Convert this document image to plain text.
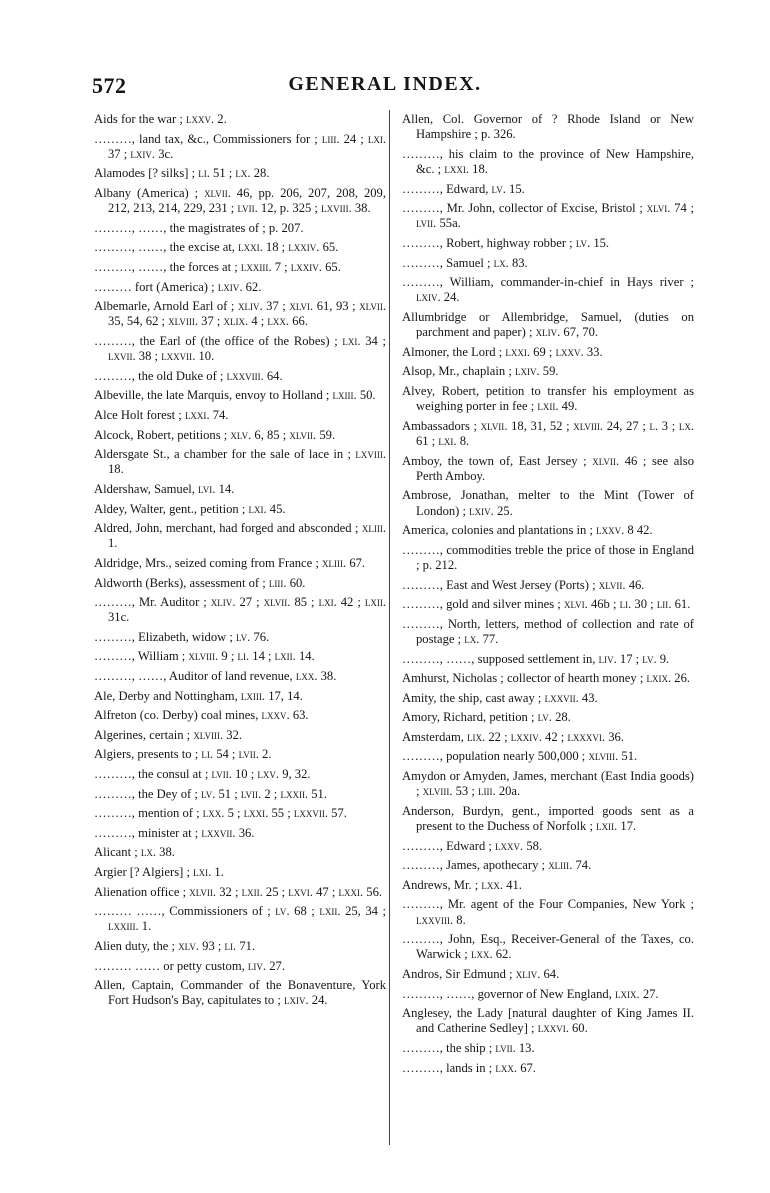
572	GENERAL INDEX.

Aids for the war ; lxxv. 2.

………, land tax, &c., Commissioners for ; liii. 24 ; lxi. 37 ; lxiv. 3c.

Alamodes [? silks] ; li. 51 ; lx. 28.

Albany (America) ; xlvii. 46, pp. 206, 207, 208, 209, 212, 213, 214, 229, 231 ; lvii. 12, p. 325 ; lxviii. 38.

………, ……, the magistrates of ; p. 207.

………, ……, the excise at, lxxi. 18 ; lxxiv. 65.

………, ……, the forces at ; lxxiii. 7 ; lxxiv. 65.

……… fort (America) ; lxiv. 62.

Albemarle, Arnold Earl of ; xliv. 37 ; xlvi. 61, 93 ; xlvii. 35, 54, 62 ; xlviii. 37 ; xlix. 4 ; lxx. 66.

………, the Earl of (the office of the Robes) ; lxi. 34 ; lxvii. 38 ; lxxvii. 10.

………, the old Duke of ; lxxviii. 64.

Albeville, the late Marquis, envoy to Holland ; lxiii. 50.

Alce Holt forest ; lxxi. 74.

Alcock, Robert, petitions ; xlv. 6, 85 ; xlvii. 59.

Aldersgate St., a chamber for the sale of lace in ; lxviii. 18.

Aldershaw, Samuel, lvi. 14.

Aldey, Walter, gent., petition ; lxi. 45.

Aldred, John, merchant, had forged and absconded ; xliii. 1.

Aldridge, Mrs., seized coming from France ; xliii. 67.

Aldworth (Berks), assessment of ; liii. 60.

………, Mr. Auditor ; xliv. 27 ; xlvii. 85 ; lxi. 42 ; lxii. 31c.

………, Elizabeth, widow ; lv. 76.

………, William ; xlviii. 9 ; li. 14 ; lxii. 14.

………, ……, Auditor of land revenue, lxx. 38.

Ale, Derby and Nottingham, lxiii. 17, 14.

Alfreton (co. Derby) coal mines, lxxv. 63.

Algerines, certain ; xlviii. 32.

Algiers, presents to ; li. 54 ; lvii. 2.

………, the consul at ; lvii. 10 ; lxv. 9, 32.

………, the Dey of ; lv. 51 ; lvii. 2 ; lxxii. 51.

………, mention of ; lxx. 5 ; lxxi. 55 ; lxxvii. 57.

………, minister at ; lxxvii. 36.

Alicant ; lx. 38.

Argier [? Algiers] ; lxi. 1.

Alienation office ; xlvii. 32 ; lxii. 25 ; lxvi. 47 ; lxxi. 56.

……… ……, Commissioners of ; lv. 68 ; lxii. 25, 34 ; lxxiii. 1.

Alien duty, the ; xlv. 93 ; li. 71.

……… …… or petty custom, liv. 27.

Allen, Captain, Commander of the Bonaventure, York Fort Hudson's Bay, capitulates to ; lxiv. 24.

Allen, Col. Governor of ? Rhode Island or New Hampshire ; p. 326.

………, his claim to the province of New Hampshire, &c. ; lxxi. 18.

………, Edward, lv. 15.

………, Mr. John, collector of Excise, Bristol ; xlvi. 74 ; lvii. 55a.

………, Robert, highway robber ; lv. 15.

………, Samuel ; lx. 83.

………, William, commander-in-chief in Hays river ; lxiv. 24.

Allumbridge or Allembridge, Samuel, (duties on parchment and paper) ; xliv. 67, 70.

Almoner, the Lord ; lxxi. 69 ; lxxv. 33.

Alsop, Mr., chaplain ; lxiv. 59.

Alvey, Robert, petition to transfer his employment as weighing porter in fee ; lxii. 49.

Ambassadors ; xlvii. 18, 31, 52 ; xlviii. 24, 27 ; l. 3 ; lx. 61 ; lxi. 8.

Amboy, the town of, East Jersey ; xlvii. 46 ; see also Perth Amboy.

Ambrose, Jonathan, melter to the Mint (Tower of London) ; lxiv. 25.

America, colonies and plantations in ; lxxv. 8 42.

………, commodities treble the price of those in England ; p. 212.

………, East and West Jersey (Ports) ; xlvii. 46.

………, gold and silver mines ; xlvi. 46b ; li. 30 ; lii. 61.

………, North, letters, method of collection and rate of postage ; lx. 77.

………, ……, supposed settlement in, liv. 17 ; lv. 9.

Amhurst, Nicholas ; collector of hearth money ; lxix. 26.

Amity, the ship, cast away ; lxxvii. 43.

Amory, Richard, petition ; lv. 28.

Amsterdam, lix. 22 ; lxxiv. 42 ; lxxxvi. 36.

………, population nearly 500,000 ; xlviii. 51.

Amydon or Amyden, James, merchant (East India goods) ; xlviii. 53 ; liii. 20a.

Anderson, Burdyn, gent., imported goods sent as a present to the Duchess of Norfolk ; lxii. 17.

………, Edward ; lxxv. 58.

………, James, apothecary ; xliii. 74.

Andrews, Mr. ; lxx. 41.

………, Mr. agent of the Four Companies, New York ; lxxviii. 8.

………, John, Esq., Receiver-General of the Taxes, co. Warwick ; lxx. 62.

Andros, Sir Edmund ; xliv. 64.

………, ……, governor of New England, lxix. 27.

Anglesey, the Lady [natural daughter of King James II. and Catherine Sedley] ; lxxvi. 60.

………, the ship ; lvii. 13.

………, lands in ; lxx. 67.
